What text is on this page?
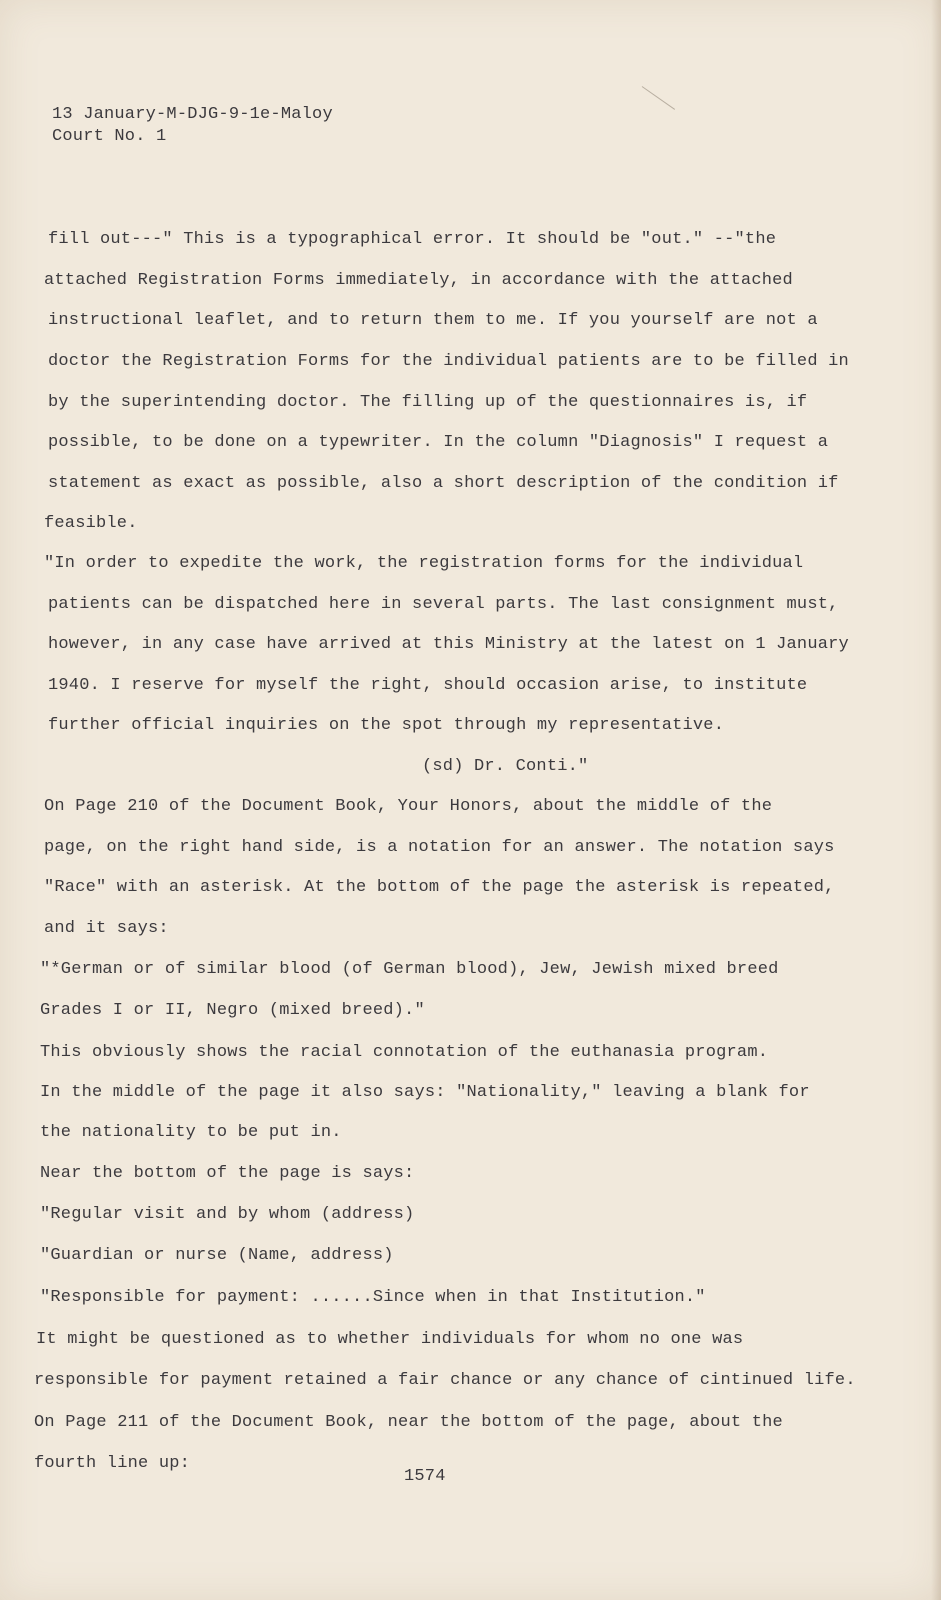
13 January-M-DJG-9-1e-Maloy
Court No. 1
fill out---" This is a typographical error. It should be "out." --"the
attached Registration Forms immediately, in accordance with the attached
instructional leaflet, and to return them to me. If you yourself are not a
doctor the Registration Forms for the individual patients are to be filled in
by the superintending doctor. The filling up of the questionnaires is, if
possible, to be done on a typewriter. In the column "Diagnosis" I request a
statement as exact as possible, also a short description of the condition if
feasible.
"In order to expedite the work, the registration forms for the individual
patients can be dispatched here in several parts. The last consignment must,
however, in any case have arrived at this Ministry at the latest on 1 January
1940. I reserve for myself the right, should occasion arise, to institute
further official inquiries on the spot through my representative.
(sd) Dr. Conti."
On Page 210 of the Document Book, Your Honors, about the middle of the
page, on the right hand side, is a notation for an answer. The notation says
"Race" with an asterisk. At the bottom of the page the asterisk is repeated,
and it says:
"*German or of similar blood (of German blood), Jew, Jewish mixed breed
Grades I or II, Negro (mixed breed)."
This obviously shows the racial connotation of the euthanasia program.
In the middle of the page it also says: "Nationality," leaving a blank for
the nationality to be put in.
Near the bottom of the page is says:
"Regular visit and by whom (address)
"Guardian or nurse (Name, address)
"Responsible for payment: ......Since when in that Institution."
It might be questioned as to whether individuals for whom no one was
responsible for payment retained a fair chance or any chance of cintinued life.
On Page 211 of the Document Book, near the bottom of the page, about the
fourth line up:
1574
